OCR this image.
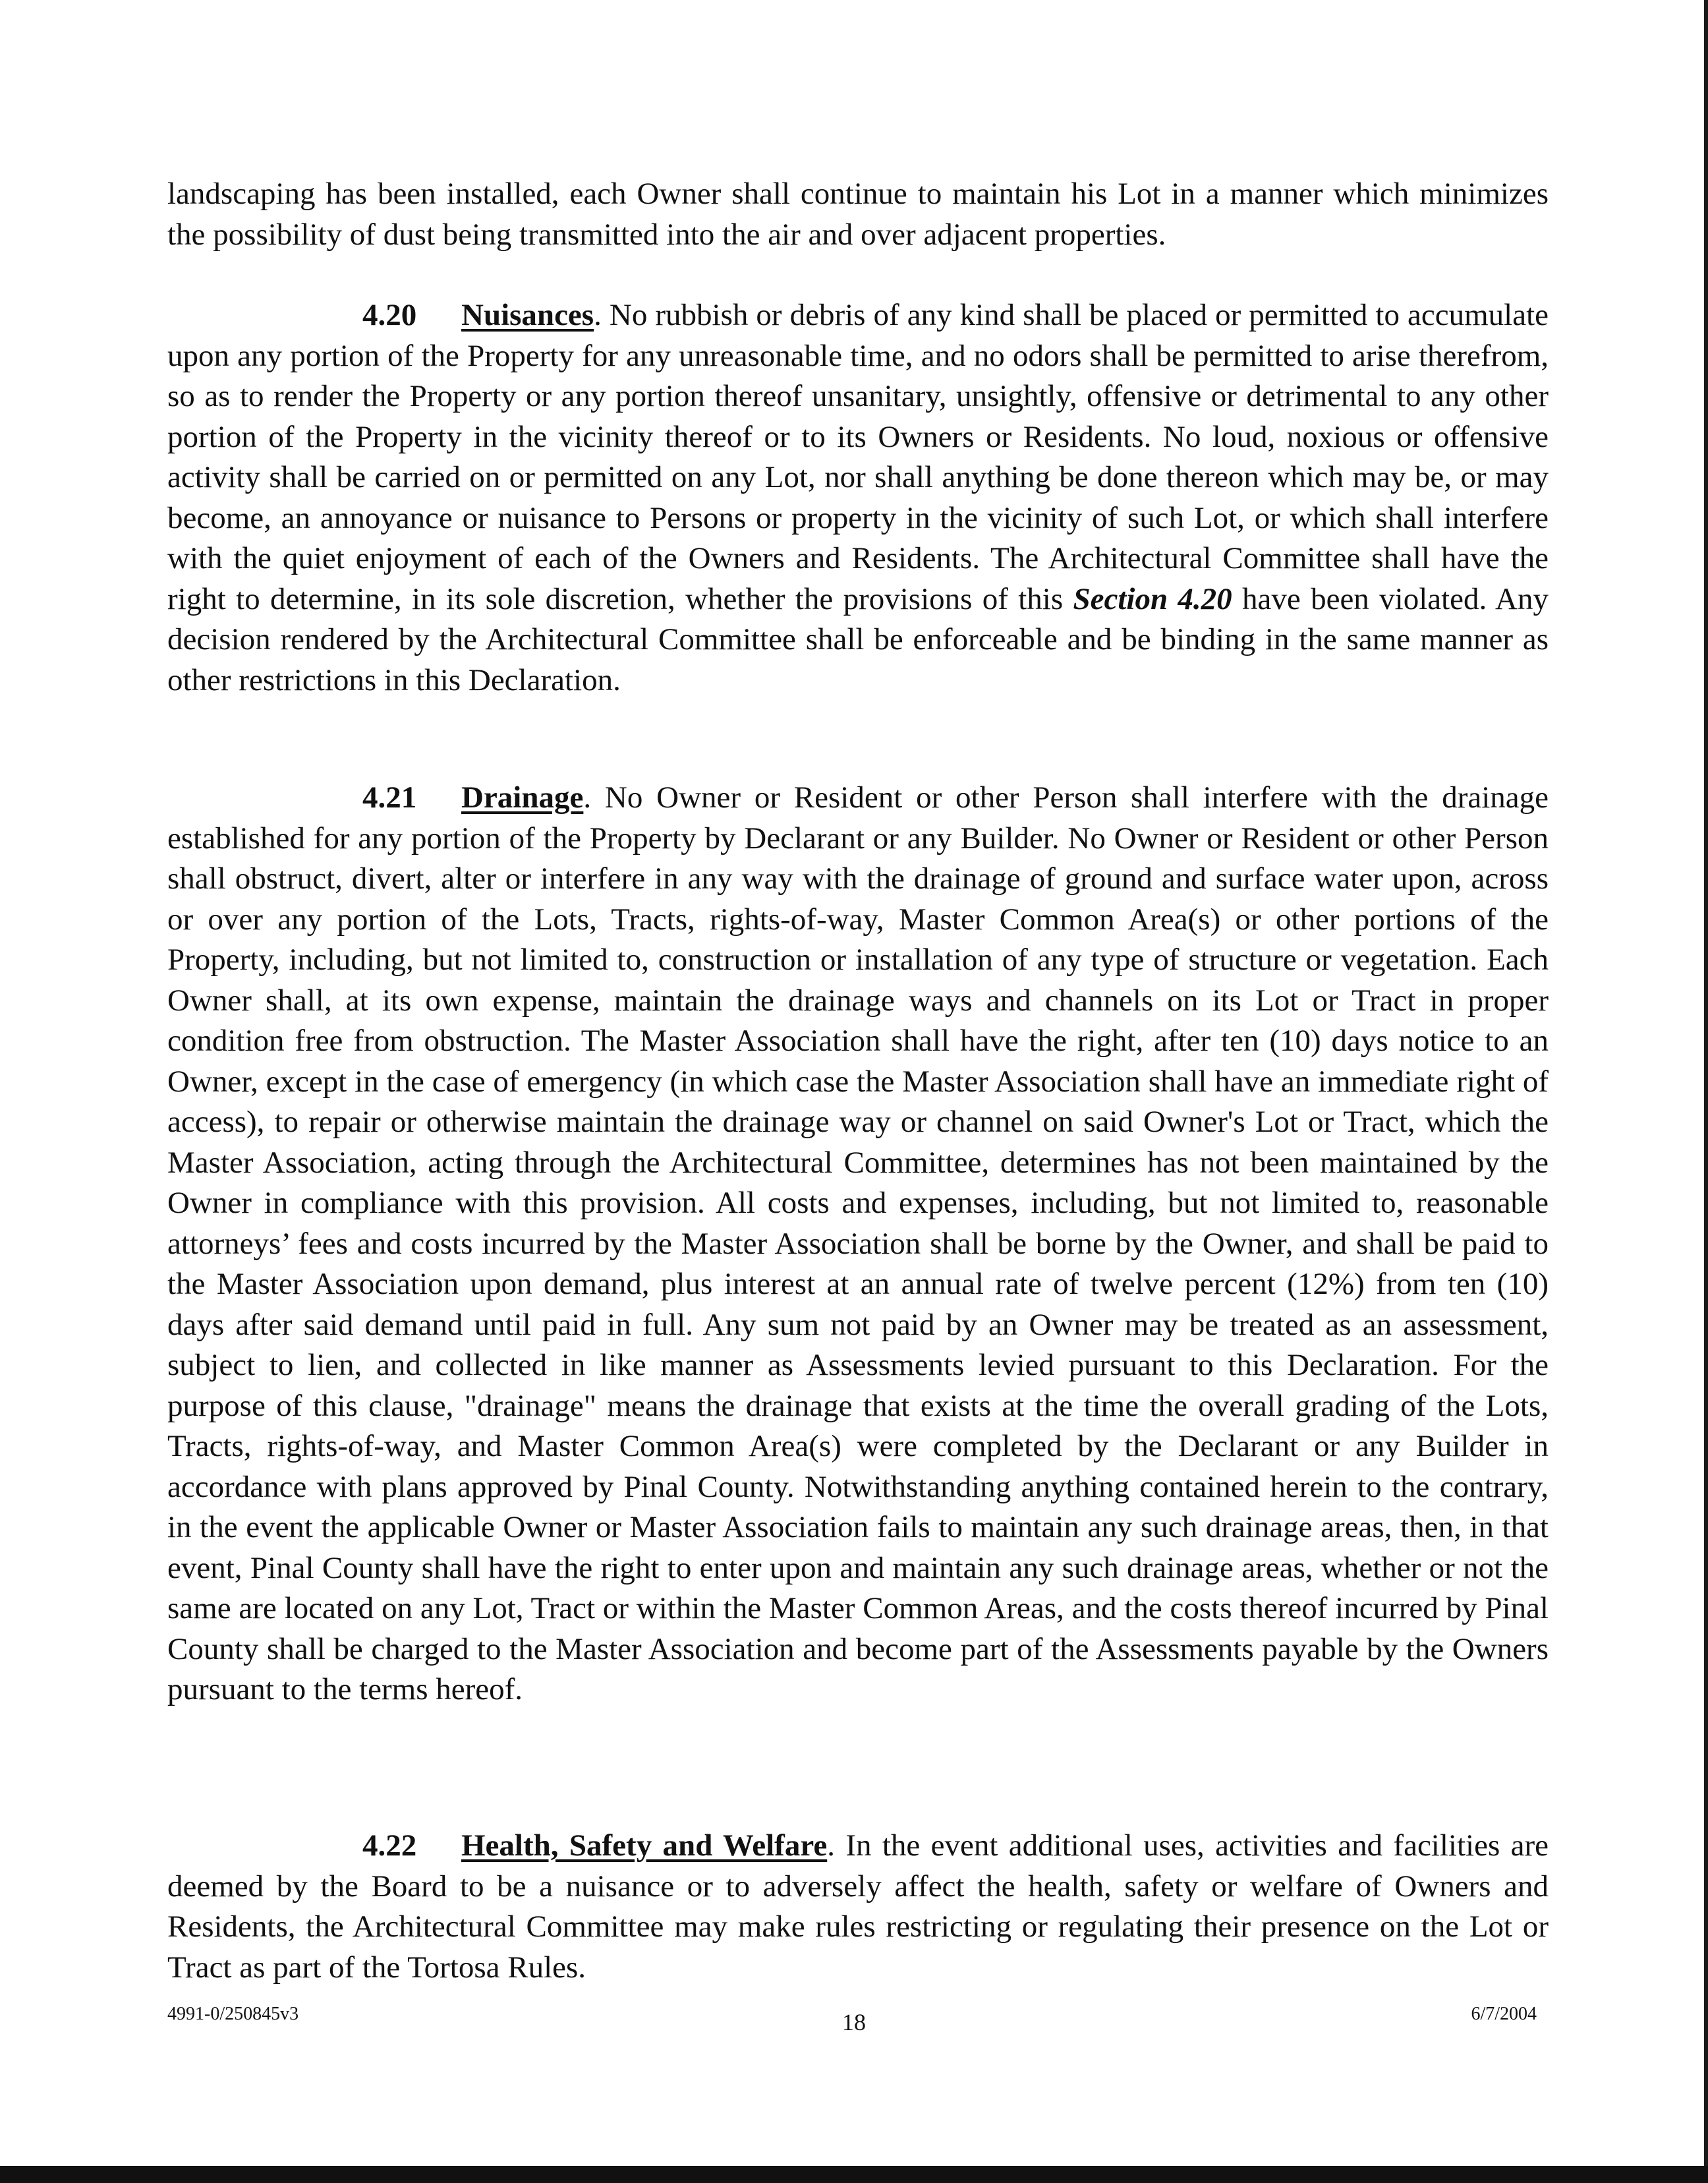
landscaping has been installed, each Owner shall continue to maintain his Lot in a manner which minimizes the possibility of dust being transmitted into the air and over adjacent properties.

4.20 Nuisances. No rubbish or debris of any kind shall be placed or permitted to accumulate upon any portion of the Property for any unreasonable time, and no odors shall be permitted to arise therefrom, so as to render the Property or any portion thereof unsanitary, unsightly, offensive or detrimental to any other portion of the Property in the vicinity thereof or to its Owners or Residents. No loud, noxious or offensive activity shall be carried on or permitted on any Lot, nor shall anything be done thereon which may be, or may become, an annoyance or nuisance to Persons or property in the vicinity of such Lot, or which shall interfere with the quiet enjoyment of each of the Owners and Residents. The Architectural Committee shall have the right to determine, in its sole discretion, whether the provisions of this Section 4.20 have been violated. Any decision rendered by the Architectural Committee shall be enforceable and be binding in the same manner as other restrictions in this Declaration.

4.21 Drainage. No Owner or Resident or other Person shall interfere with the drainage established for any portion of the Property by Declarant or any Builder. No Owner or Resident or other Person shall obstruct, divert, alter or interfere in any way with the drainage of ground and surface water upon, across or over any portion of the Lots, Tracts, rights-of-way, Master Common Area(s) or other portions of the Property, including, but not limited to, construction or installation of any type of structure or vegetation. Each Owner shall, at its own expense, maintain the drainage ways and channels on its Lot or Tract in proper condition free from obstruction. The Master Association shall have the right, after ten (10) days notice to an Owner, except in the case of emergency (in which case the Master Association shall have an immediate right of access), to repair or otherwise maintain the drainage way or channel on said Owner's Lot or Tract, which the Master Association, acting through the Architectural Committee, determines has not been maintained by the Owner in compliance with this provision. All costs and expenses, including, but not limited to, reasonable attorneys’ fees and costs incurred by the Master Association shall be borne by the Owner, and shall be paid to the Master Association upon demand, plus interest at an annual rate of twelve percent (12%) from ten (10) days after said demand until paid in full. Any sum not paid by an Owner may be treated as an assessment, subject to lien, and collected in like manner as Assessments levied pursuant to this Declaration. For the purpose of this clause, "drainage" means the drainage that exists at the time the overall grading of the Lots, Tracts, rights-of-way, and Master Common Area(s) were completed by the Declarant or any Builder in accordance with plans approved by Pinal County. Notwithstanding anything contained herein to the contrary, in the event the applicable Owner or Master Association fails to maintain any such drainage areas, then, in that event, Pinal County shall have the right to enter upon and maintain any such drainage areas, whether or not the same are located on any Lot, Tract or within the Master Common Areas, and the costs thereof incurred by Pinal County shall be charged to the Master Association and become part of the Assessments payable by the Owners pursuant to the terms hereof.

4.22 Health, Safety and Welfare. In the event additional uses, activities and facilities are deemed by the Board to be a nuisance or to adversely affect the health, safety or welfare of Owners and Residents, the Architectural Committee may make rules restricting or regulating their presence on the Lot or Tract as part of the Tortosa Rules.

4991-0/250845v3	18	6/7/2004
